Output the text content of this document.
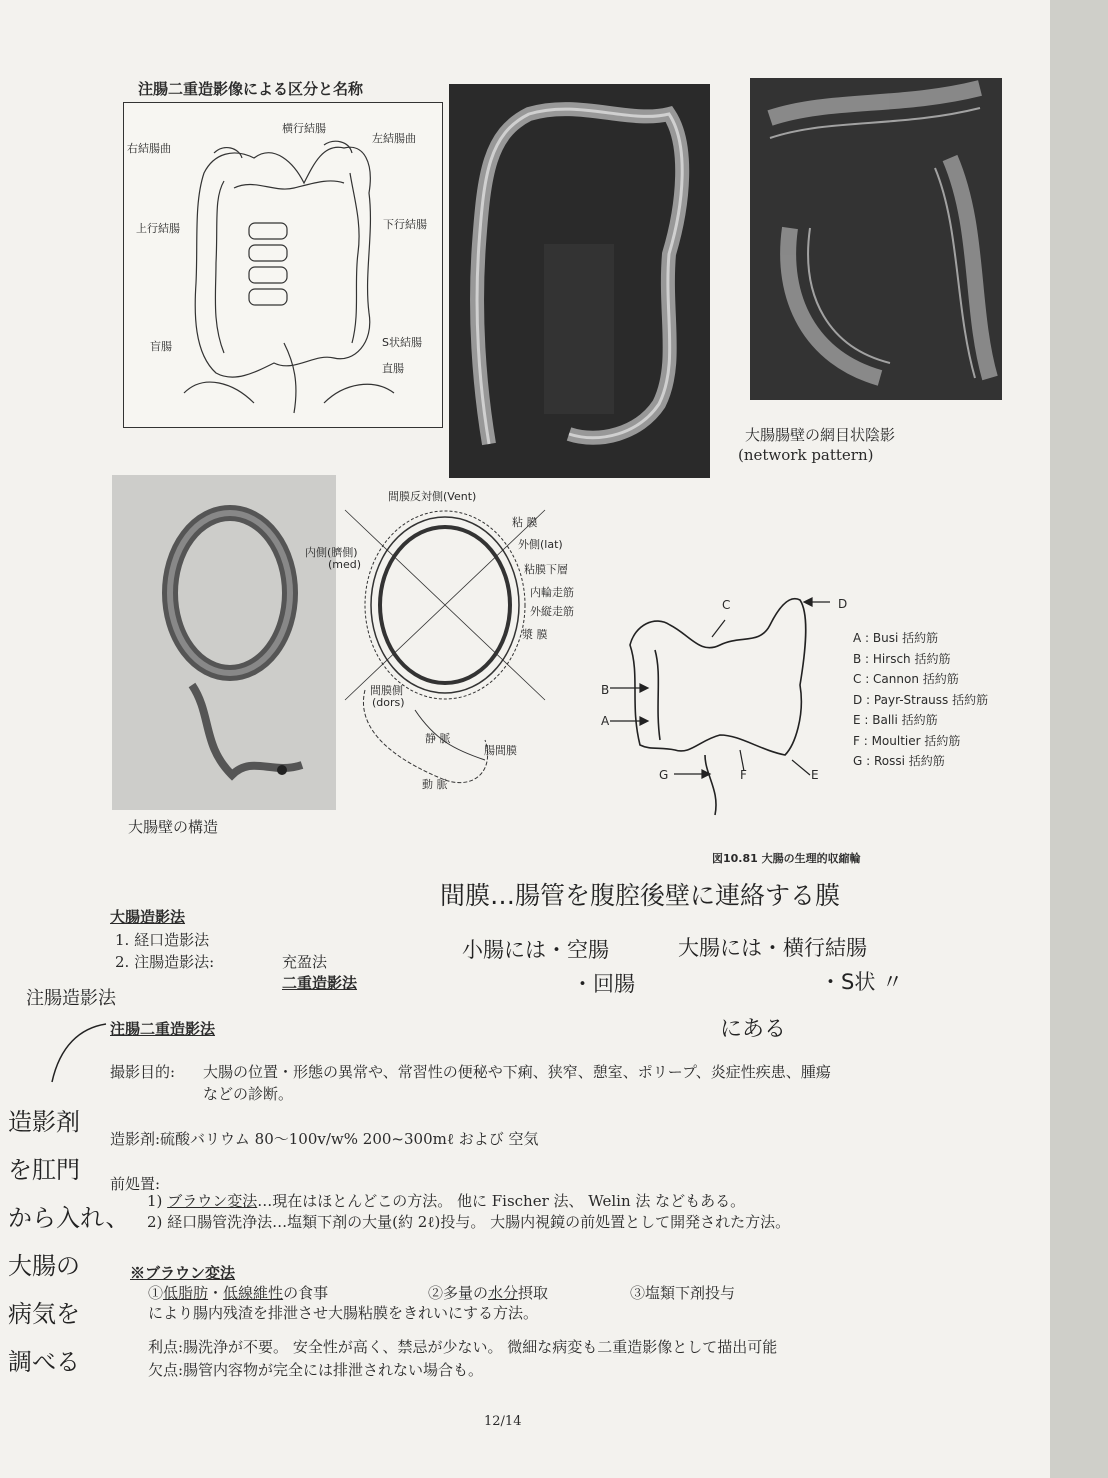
注腸二重造影像による区分と名称
横行結腸
左結腸曲
右結腸曲
上行結腸	下行結腸
盲腸	S状結腸
直腸
大腸腸壁の網目状陰影
(network pattern)
大腸壁の構造
間膜反対側(Vent)
粘 膜
外側(lat)
内側(臍側)
(med)	粘膜下層
内輪走筋
外縦走筋
漿 膜
間膜側
(dors)
静 脈
腸間膜
動 脈
B
A
C	D
E
F
G
A : Busi 括約筋
B : Hirsch 括約筋
C : Cannon 括約筋
D : Payr-Strauss 括約筋
E : Balli 括約筋
F : Moultier 括約筋
G : Rossi 括約筋
図10.81 大腸の生理的収縮輪
間膜…腸管を腹腔後壁に連絡する膜
小腸には・空腸
・回腸
大腸には・横行結腸
・S状 〃
にある
注腸造影法
造影剤
を肛門
から入れ、
大腸の
病気を
調べる
大腸造影法
1. 経口造影法
2. 注腸造影法:	充盈法
二重造影法
注腸二重造影法
撮影目的: 大腸の位置・形態の異常や、常習性の便秘や下痢、狭窄、憩室、ポリープ、炎症性疾患、腫瘍
などの診断。
造影剤:硫酸バリウム 80〜100v/w% 200~300mℓ および 空気
前処置:
1) ブラウン変法…現在はほとんどこの方法。 他に Fischer 法、 Welin 法 などもある。
2) 経口腸管洗浄法…塩類下剤の大量(約 2ℓ)投与。 大腸内視鏡の前処置として開発された方法。
※ブラウン変法
①低脂肪・低線維性の食事	②多量の水分摂取	③塩類下剤投与
により腸内残渣を排泄させ大腸粘膜をきれいにする方法。
利点:腸洗浄が不要。 安全性が高く、禁忌が少ない。 微細な病変も二重造影像として描出可能
欠点:腸管内容物が完全には排泄されない場合も。
12/14
